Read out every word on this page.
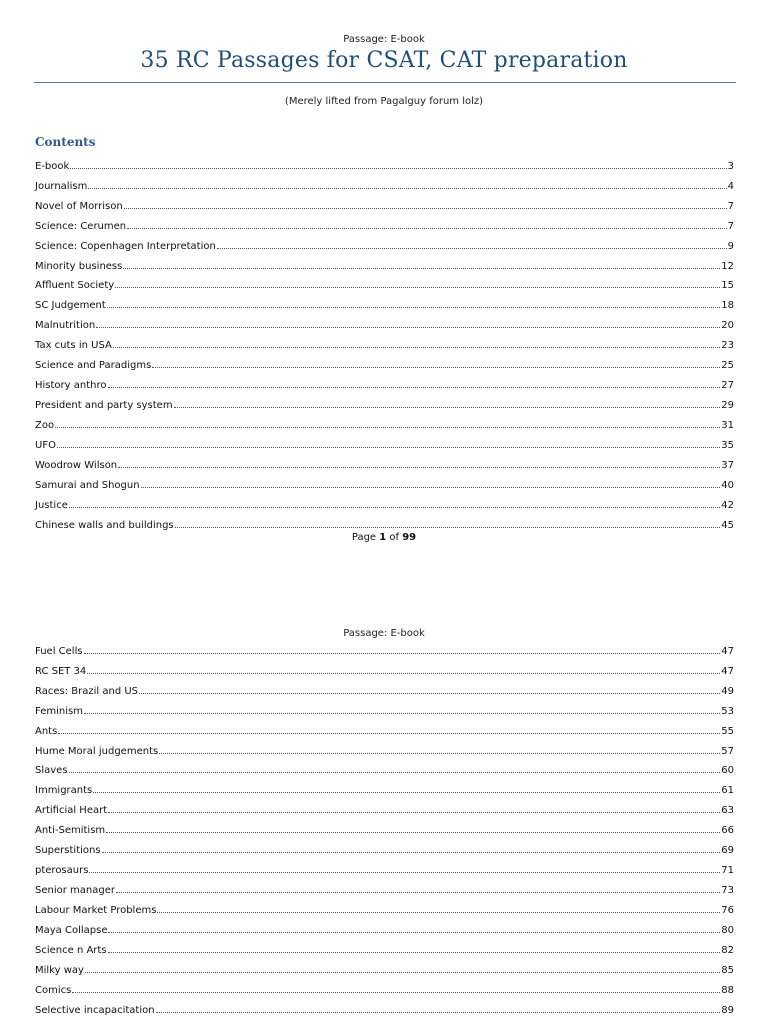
Passage: E-book
35 RC Passages for CSAT, CAT preparation
(Merely lifted from Pagalguy forum lolz)
Contents
E-book	3
Journalism	4
Novel of Morrison	7
Science: Cerumen	7
Science: Copenhagen Interpretation	9
Minority business	12
Affluent Society	15
SC Judgement	18
Malnutrition	20
Tax cuts in USA	23
Science and Paradigms	25
History anthro	27
President and party system	29
Zoo	31
UFO	35
Woodrow Wilson	37
Samurai and Shogun	40
Justice	42
Chinese walls and buildings	45
Page 1 of 99
Passage: E-book
Fuel Cells	47
RC SET 34	47
Races: Brazil and US	49
Feminism	53
Ants	55
Hume Moral judgements	57
Slaves	60
Immigrants	61
Artificial Heart	63
Anti-Semitism	66
Superstitions	69
pterosaurs	71
Senior manager	73
Labour Market Problems	76
Maya Collapse	80
Science n Arts	82
Milky way	85
Comics	88
Selective incapacitation	89
